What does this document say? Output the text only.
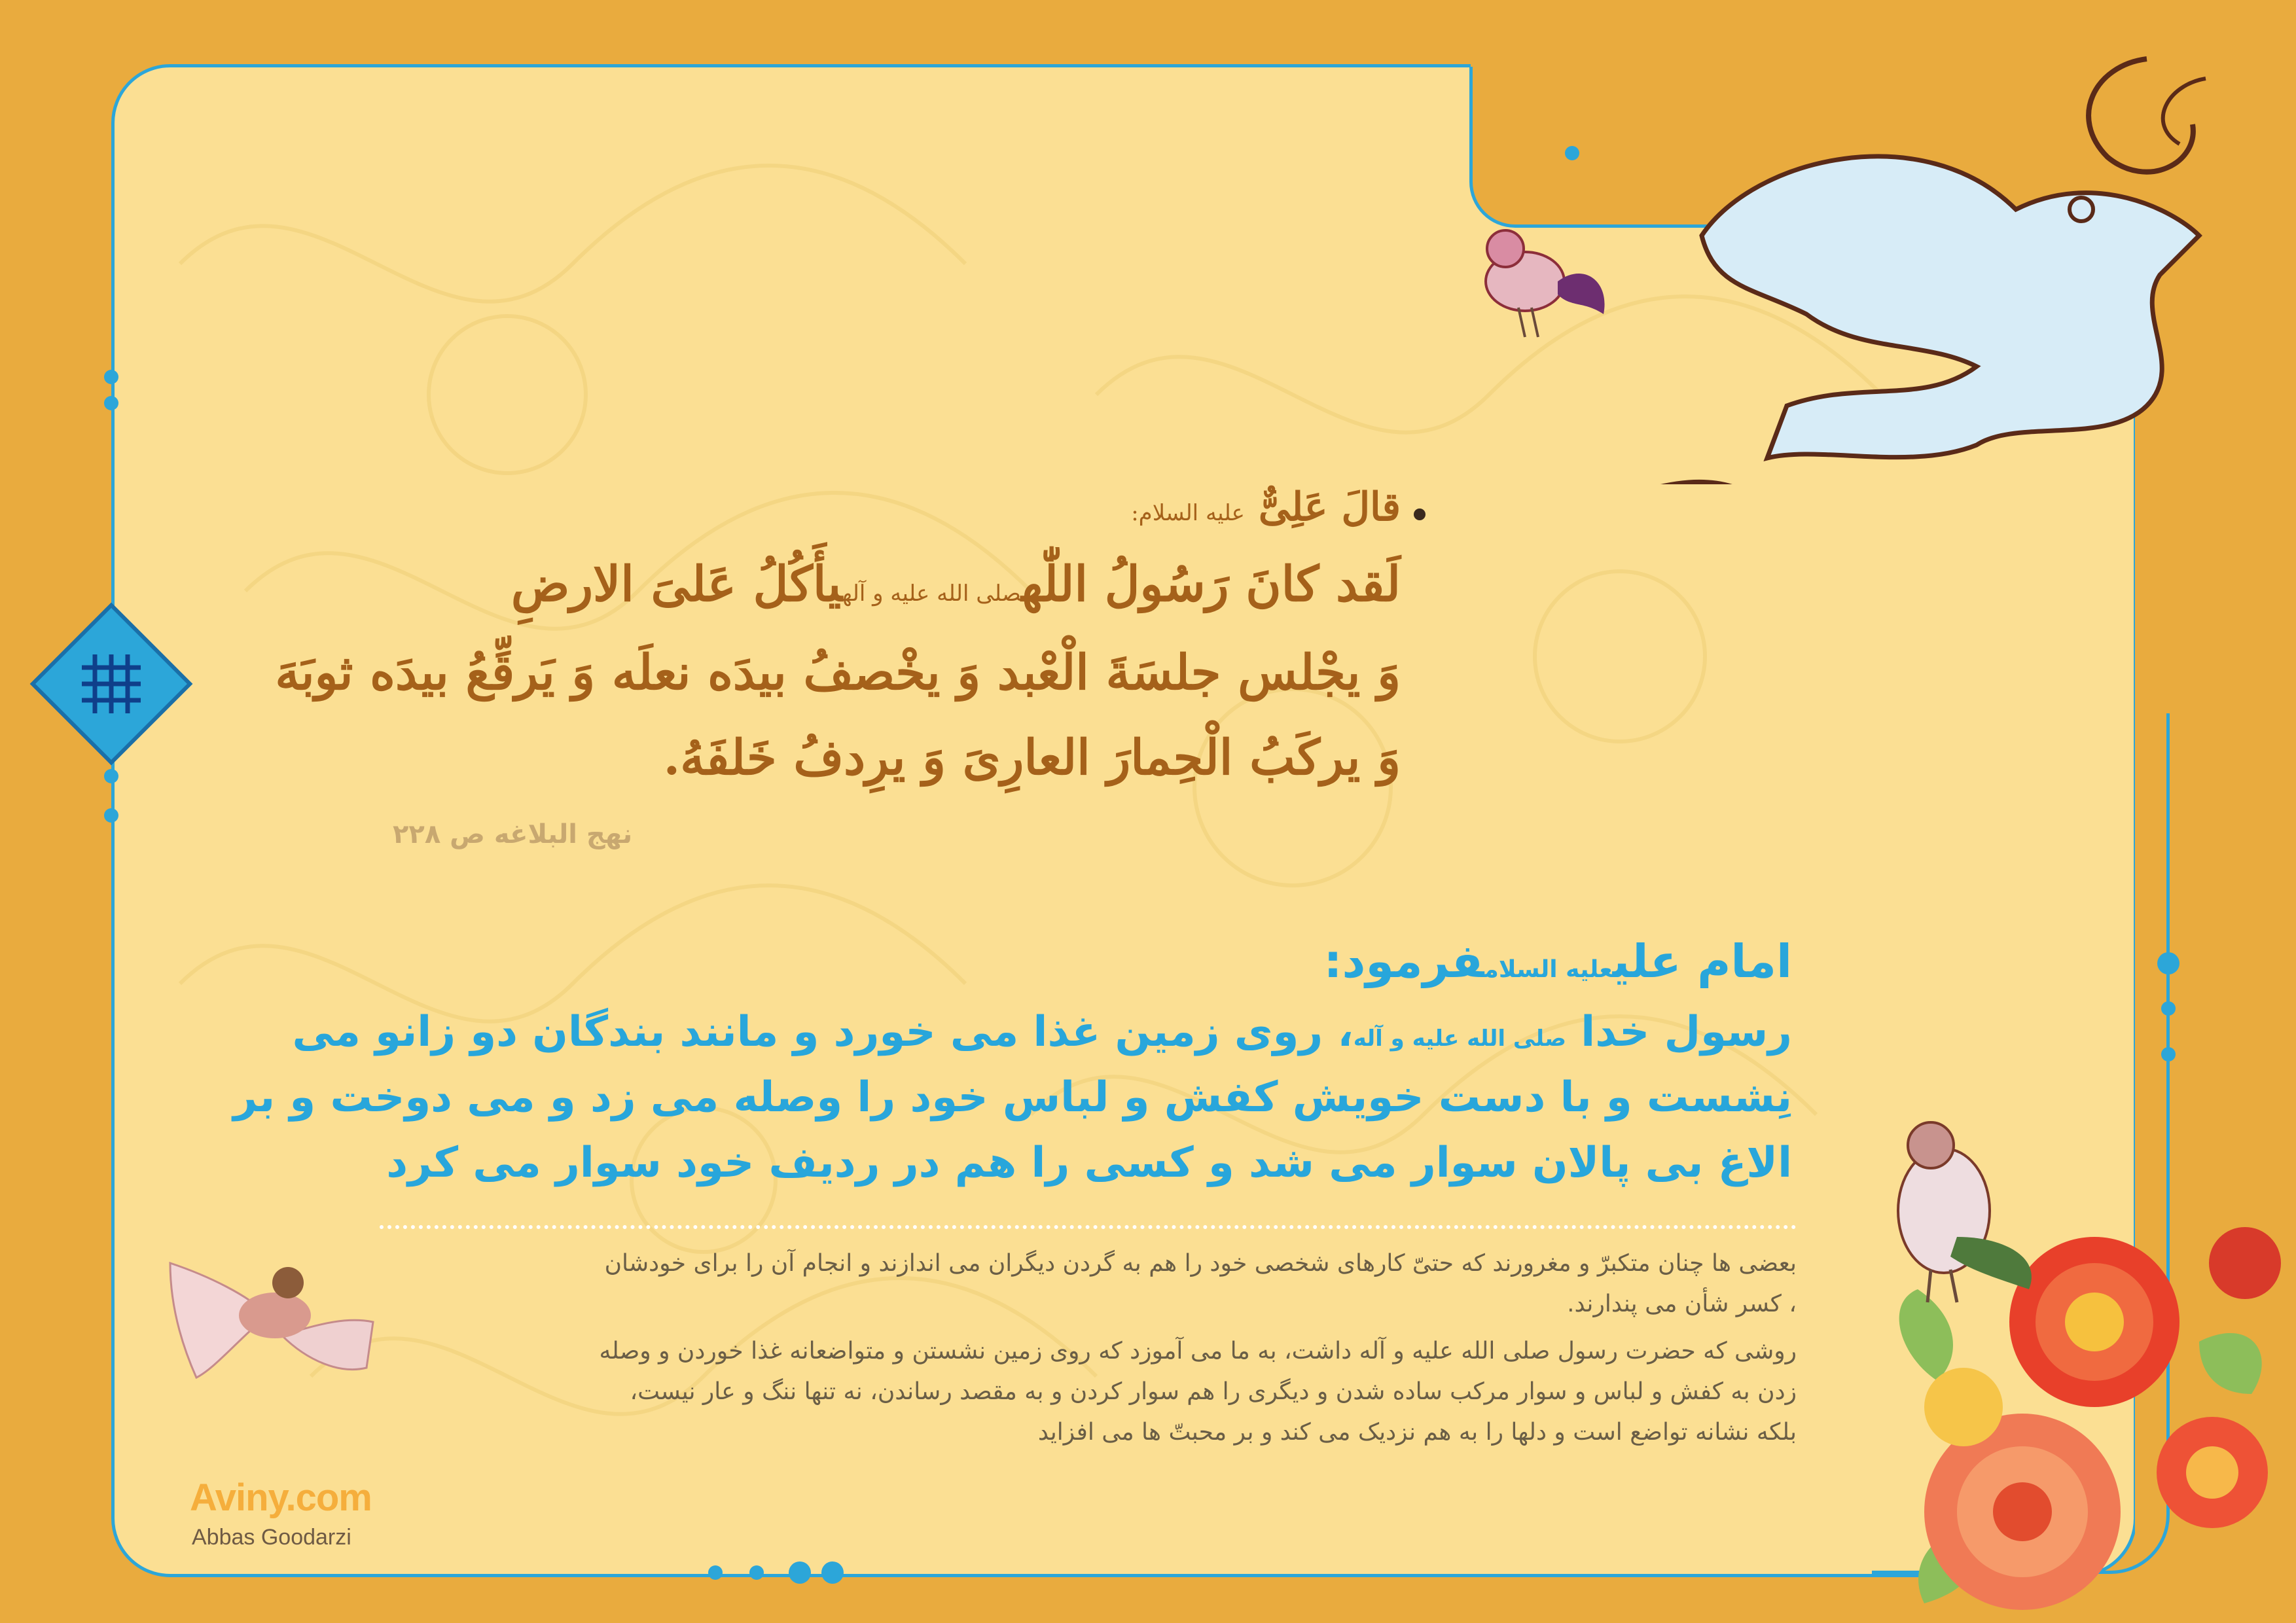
قالَ عَلِیٌّ علیه السلام:
لَقد کانَ رَسُولُ اللّٰهصلی الله علیه و آلهیأَکُلُ عَلیَ الارضِ
وَ یجْلس جلسَةَ الْعْبد وَ یخْصفُ بیدَه نعلَه وَ یَرقِّعُ بیدَه ثوبَهَ
وَ یرکَبُ الْحِمارَ العارِیَ وَ یرِدفُ خَلفَهُ.
نهج البلاغه ص ۲۲۸
امام علیعلیه السلامفرمود:
رسول خدا صلی الله علیه و آله، روی زمین غذا می خورد و مانند بندگان دو زانو می
نِشست و با دست خویش کفش و لباس خود را وصله می زد و می دوخت و بر
الاغ بی پالان سوار می شد و کسی را هم در ردیف خود سوار می کرد
بعضی ها چنان متکبرّ و مغرورند که حتیّ کارهای شخصی خود را هم به گردن دیگران می اندازند و انجام آن را برای خودشان
، کسر شأن می پندارند.
روشی که حضرت رسول صلی الله علیه و آله داشت، به ما می آموزد که روی زمین نشستن و متواضعانه غذا خوردن و وصله
زدن به کفش و لباس و سوار مرکب ساده شدن و دیگری را هم سوار کردن و به مقصد رساندن، نه تنها ننگ و عار نیست،
بلکه نشانه تواضع است و دلها را به هم نزدیک می کند و بر محبتّ ها می افزاید
Aviny.com
Abbas Goodarzi
